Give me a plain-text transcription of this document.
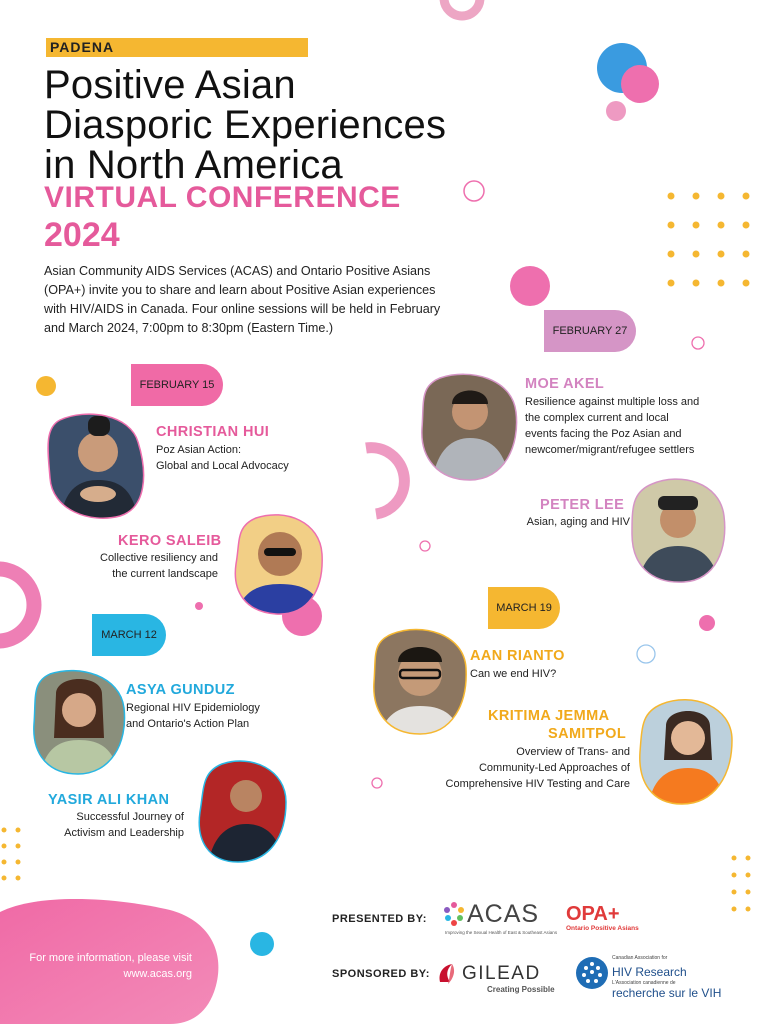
PADENA
Positive Asian
Diasporic Experiences
in North America
VIRTUAL CONFERENCE
2024

Asian Community AIDS Services (ACAS) and Ontario Positive Asians (OPA+) invite you to share and learn about Positive Asian experiences with HIV/AIDS in Canada. Four online sessions will be held in February and March 2024, 7:00pm to 8:30pm (Eastern Time.)

FEBRUARY 15
FEBRUARY 27
MARCH 12
MARCH 19
CHRISTIAN HUI
Poz Asian Action:
Global and Local Advocacy
KERO SALEIB
Collective resiliency and
the current landscape
MOE AKEL
Resilience against multiple loss and
the complex current and local
events facing the Poz Asian and
newcomer/migrant/refugee settlers
PETER LEE
Asian, aging and HIV
ASYA GUNDUZ
Regional HIV Epidemiology
and Ontario's Action Plan
YASIR ALI KHAN
Successful Journey of
Activism and Leadership
AAN RIANTO
Can we end HIV?
KRITIMA JEMMA
SAMITPOL
Overview of Trans- and
Community-Led Approaches of
Comprehensive HIV Testing and Care
For more information, please visit www.acas.org
PRESENTED BY:
SPONSORED BY:
ACAS
Improving the Sexual Health of East & Southeast Asians
OPA+
Ontario Positive Asians
GILEAD
Creating Possible
Canadian Association for
HIV Research
L'Association canadienne de
recherche sur le VIH
